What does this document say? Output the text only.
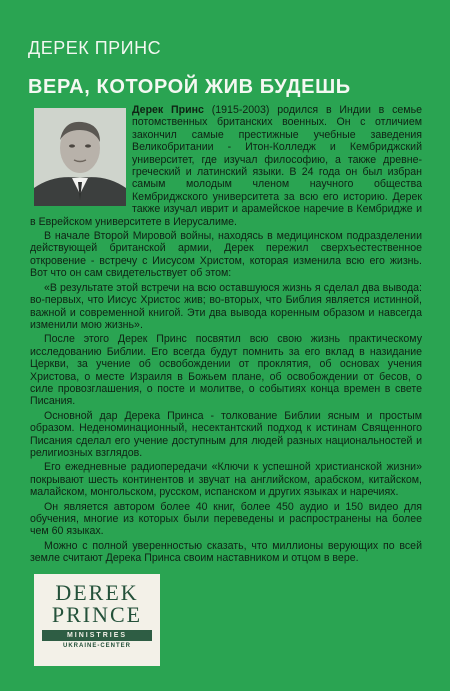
ДЕРЕК ПРИНС
ВЕРА, КОТОРОЙ ЖИВ БУДЕШЬ

Дерек Принс (1915-2003) родился в Индии в семье потомственных британских военных. Он с отличием закончил самые престижные учебные заведения Великобритании - Итон-Колледж и Кембриджский университет, где изучал философию, а также древне-греческий и латинский языки. В 24 года он был избран самым молодым членом научного общества Кембриджского университета за всю его историю. Дерек также изучал иврит и арамейское наречие в Кембридже и в Еврейском университете в Иерусалиме.

В начале Второй Мировой войны, находясь в медицинском подразделении действующей британской армии, Дерек пережил сверхъестественное откровение - встречу с Иисусом Христом, которая изменила всю его жизнь. Вот что он сам свидетельствует об этом:

«В результате этой встречи на всю оставшуюся жизнь я сделал два вывода: во-первых, что Иисус Христос жив; во-вторых, что Библия является истинной, важной и современной книгой. Эти два вывода коренным образом и навсегда изменили мою жизнь».

После этого Дерек Принс посвятил всю свою жизнь практическому исследованию Библии. Его всегда будут помнить за его вклад в назидание Церкви, за учение об освобождении от проклятия, об основах учения Христова, о месте Израиля в Божьем плане, об освобождении от бесов, о силе провозглашения, о посте и молитве, о событиях конца времен в свете Писания.

Основной дар Дерека Принса - толкование Библии ясным и простым образом. Неденоминационный, несектантский подход к истинам Священного Писания сделал его учение доступным для людей разных национальностей и религиозных взглядов.

Его ежедневные радиопередачи «Ключи к успешной христианской жизни» покрывают шесть континентов и звучат на английском, арабском, китайском, малайском, монгольском, русском, испанском и других языках и наречиях.

Он является автором более 40 книг, более 450 аудио и 150 видео для обучения, многие из которых были переведены и распространены на более чем 60 языках.

Можно с полной уверенностью сказать, что миллионы верующих по всей земле считают Дерека Принса своим наставником и отцом в вере.

DEREK
PRINCE
MINISTRIES
UKRAINE-CENTER
